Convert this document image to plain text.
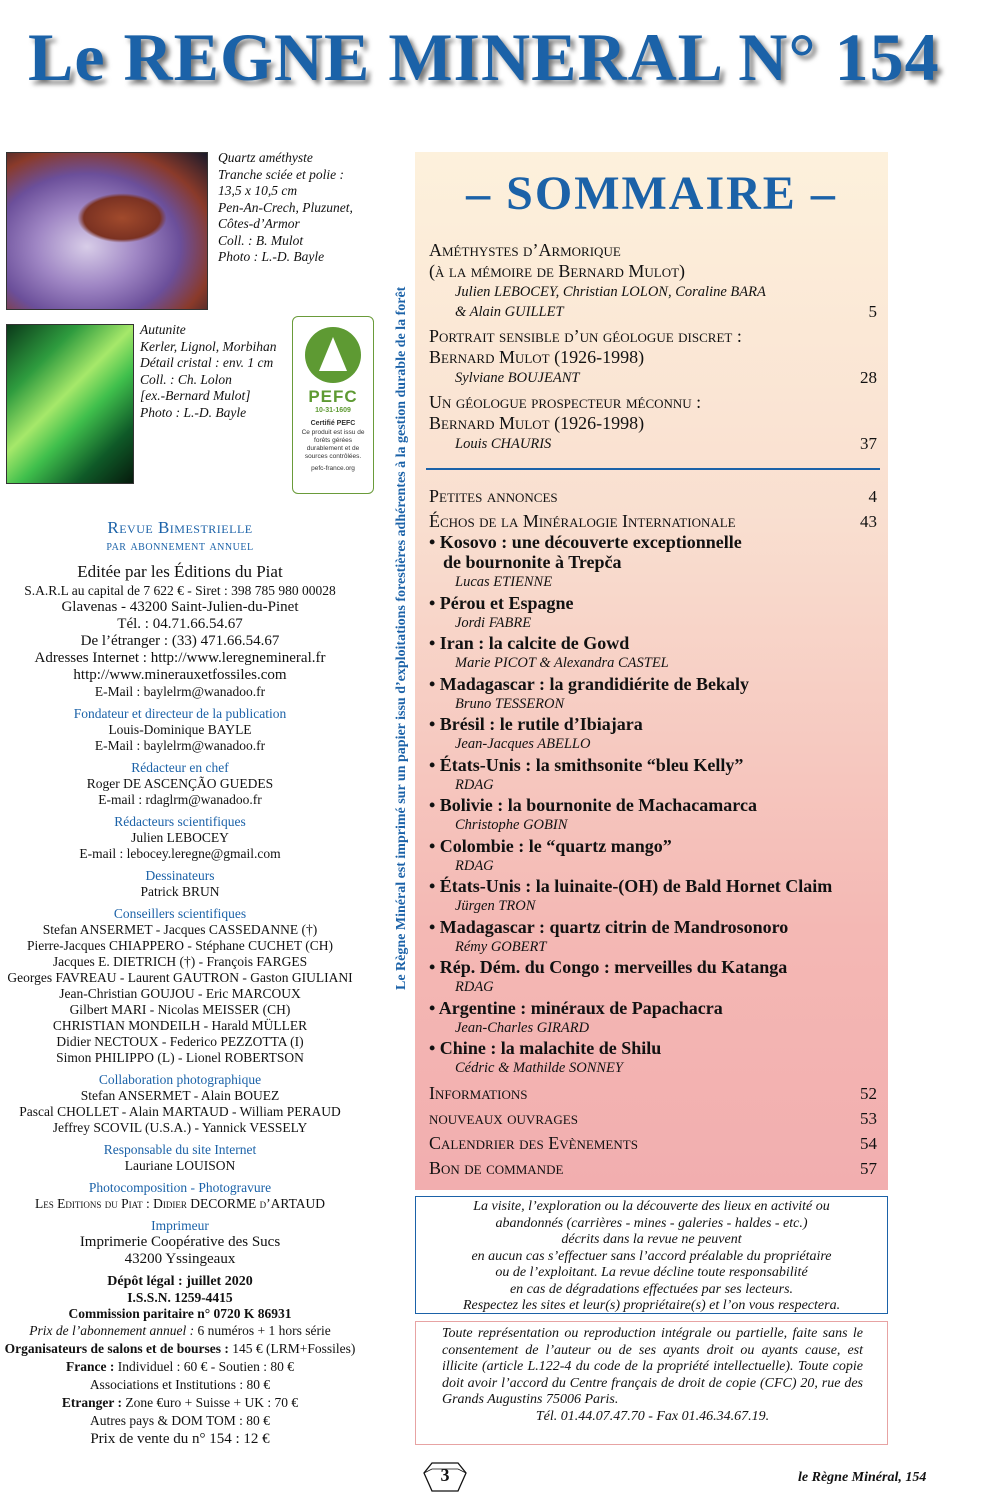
Le REGNE MINERAL N° 154
Quartz améthyste
Tranche sciée et polie :
13,5 x 10,5 cm
Pen-An-Crech, Pluzunet,
Côtes-d’Armor
Coll. : B. Mulot
Photo : L.-D. Bayle
Autunite
Kerler, Lignol, Morbihan
Détail cristal : env. 1 cm
Coll. : Ch. Lolon
[ex.-Bernard Mulot]
Photo : L.-D. Bayle
PEFC
10-31-1609
Certifié PEFC
Ce produit est issu de forêts gérées durablement et de sources contrôlées.
pefc-france.org	Le Règne Minéral est imprimé sur un papier issu d’exploitations forestières adhérentes à la gestion durable de la forêt
Revue Bimestrielle
par abonnement annuel
Editée par les Éditions du Piat
S.A.R.L au capital de 7 622 € - Siret : 398 785 980 00028
Glavenas - 43200 Saint-Julien-du-Pinet
Tél. : 04.71.66.54.67
De l’étranger : (33) 471.66.54.67
Adresses Internet : http://www.leregnemineral.fr
http://www.minerauxetfossiles.com
E-Mail : baylelrm@wanadoo.fr
Fondateur et directeur de la publication
Louis-Dominique BAYLE
E-Mail : baylelrm@wanadoo.fr
Rédacteur en chef
Roger DE ASCENÇÃO GUEDES
E-mail : rdaglrm@wanadoo.fr
Rédacteurs scientifiques
Julien LEBOCEY
E-mail : lebocey.leregne@gmail.com
Dessinateurs
Patrick BRUN
Conseillers scientifiques
Stefan ANSERMET - Jacques CASSEDANNE (†)
Pierre-Jacques CHIAPPERO - Stéphane CUCHET (CH)
Jacques E. DIETRICH (†) - François FARGES
Georges FAVREAU - Laurent GAUTRON - Gaston GIULIANI
Jean-Christian GOUJOU - Eric MARCOUX
Gilbert MARI - Nicolas MEISSER (CH)
CHRISTIAN MONDEILH - Harald MÜLLER
Didier NECTOUX - Federico PEZZOTTA (I)
Simon PHILIPPO (L) - Lionel ROBERTSON
Collaboration photographique
Stefan ANSERMET - Alain BOUEZ
Pascal CHOLLET - Alain MARTAUD - William PERAUD
Jeffrey SCOVIL (U.S.A.) - Yannick VESSELY
Responsable du site Internet
Lauriane LOUISON
Photocomposition - Photogravure
Les Editions du Piat : Didier DECORME d’ARTAUD
Imprimeur
Imprimerie Coopérative des Sucs
43200 Yssingeaux
Dépôt légal : juillet 2020
I.S.S.N. 1259-4415
Commission paritaire n° 0720 K 86931
Prix de l’abonnement annuel : 6 numéros + 1 hors série
Organisateurs de salons et de bourses : 145 € (LRM+Fossiles)
France : Individuel : 60 € - Soutien : 80 €
Associations et Institutions : 80 €
Etranger : Zone €uro + Suisse + UK : 70 €
Autres pays & DOM TOM : 80 €
Prix de vente du n° 154 : 12 €
– SOMMAIRE –
Améthystes d’Armorique
(à la mémoire de Bernard Mulot)
Julien LEBOCEY, Christian LOLON, Coraline BARA
& Alain GUILLET	5
Portrait sensible d’un géologue discret :
Bernard Mulot (1926-1998)
Sylviane BOUJEANT	28
Un géologue prospecteur méconnu :
Bernard Mulot (1926-1998)
Louis CHAURIS	37
Petites annonces	4
Échos de la Minéralogie Internationale	43
• Kosovo : une découverte exceptionnelle
de bournonite à Trepča
Lucas ETIENNE
• Pérou et Espagne
Jordi FABRE
• Iran : la calcite de Gowd
Marie PICOT & Alexandra CASTEL
• Madagascar : la grandidiérite de Bekaly
Bruno TESSERON
• Brésil : le rutile d’Ibiajara
Jean-Jacques ABELLO
• États-Unis : la smithsonite “bleu Kelly”
RDAG
• Bolivie : la bournonite de Machacamarca
Christophe GOBIN
• Colombie : le “quartz mango”
RDAG
• États-Unis : la luinaite-(OH) de Bald Hornet Claim
Jürgen TRON
• Madagascar : quartz citrin de Mandrosonoro
Rémy GOBERT
• Rép. Dém. du Congo : merveilles du Katanga
RDAG
• Argentine : minéraux de Papachacra
Jean-Charles GIRARD
• Chine : la malachite de Shilu
Cédric & Mathilde SONNEY
Informations	52
nouveaux ouvrages	53
Calendrier des Evènements	54
Bon de commande	57
La visite, l’exploration ou la découverte des lieux en activité ou
abandonnés (carrières - mines - galeries - haldes - etc.)
décrits dans la revue ne peuvent
en aucun cas s’effectuer sans l’accord préalable du propriétaire
ou de l’exploitant. La revue décline toute responsabilité
en cas de dégradations effectuées par ses lecteurs.
Respectez les sites et leur(s) propriétaire(s) et l’on vous respectera.
Toute représentation ou reproduction intégrale ou partielle, faite sans le consentement de l’auteur ou de ses ayants droit ou ayants cause, est illicite (article L.122-4 du code de la propriété intellectuelle). Toute copie doit avoir l’accord du Centre français de droit de copie (CFC) 20, rue des Grands Augustins 75006 Paris.
Tél. 01.44.07.47.70 - Fax 01.46.34.67.19.
3	le Règne Minéral, 154
